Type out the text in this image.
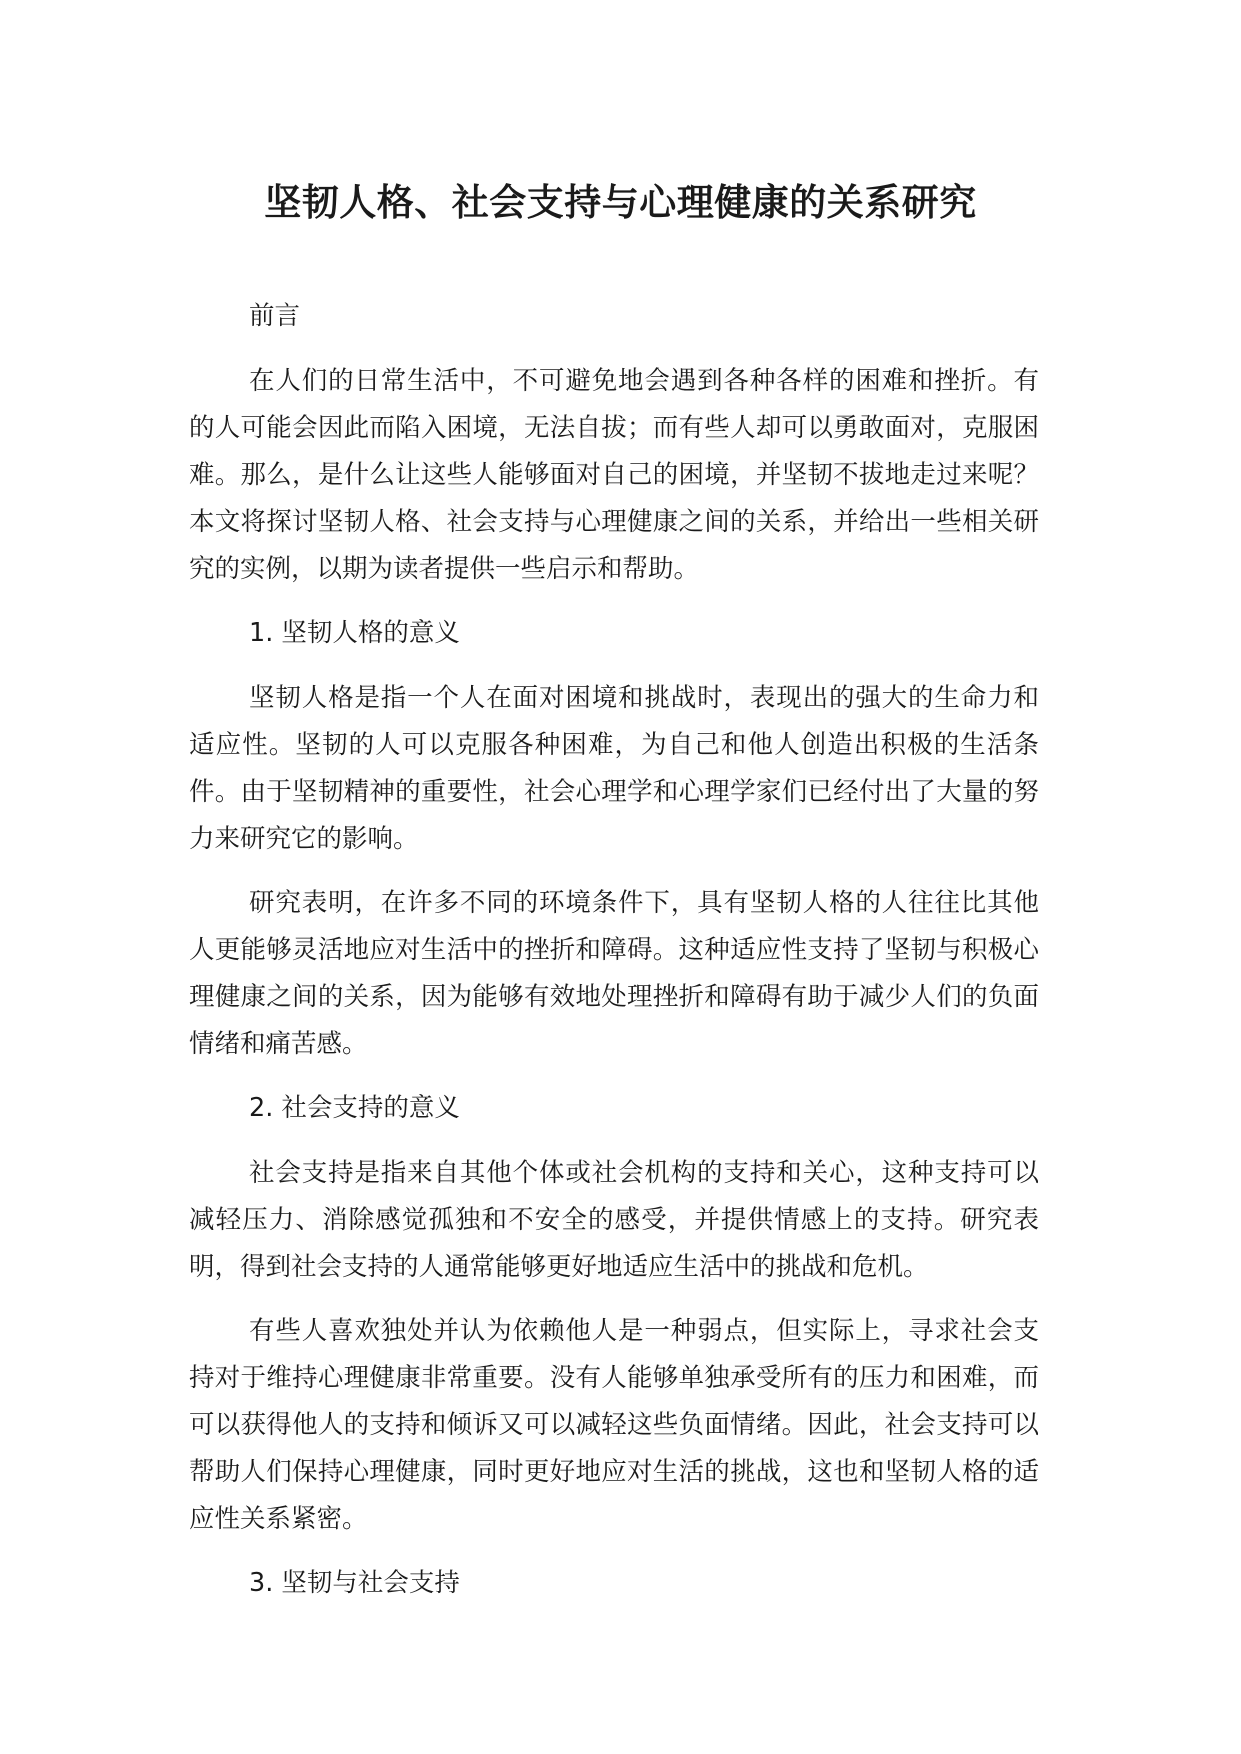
坚韧人格、社会支持与心理健康的关系研究

前言

在人们的日常生活中，不可避免地会遇到各种各样的困难和挫折。有的人可能会因此而陷入困境，无法自拔；而有些人却可以勇敢面对，克服困难。那么，是什么让这些人能够面对自己的困境，并坚韧不拔地走过来呢？本文将探讨坚韧人格、社会支持与心理健康之间的关系，并给出一些相关研究的实例，以期为读者提供一些启示和帮助。

1. 坚韧人格的意义

坚韧人格是指一个人在面对困境和挑战时，表现出的强大的生命力和适应性。坚韧的人可以克服各种困难，为自己和他人创造出积极的生活条件。由于坚韧精神的重要性，社会心理学和心理学家们已经付出了大量的努力来研究它的影响。

研究表明，在许多不同的环境条件下，具有坚韧人格的人往往比其他人更能够灵活地应对生活中的挫折和障碍。这种适应性支持了坚韧与积极心理健康之间的关系，因为能够有效地处理挫折和障碍有助于减少人们的负面情绪和痛苦感。

2. 社会支持的意义

社会支持是指来自其他个体或社会机构的支持和关心，这种支持可以减轻压力、消除感觉孤独和不安全的感受，并提供情感上的支持。研究表明，得到社会支持的人通常能够更好地适应生活中的挑战和危机。

有些人喜欢独处并认为依赖他人是一种弱点，但实际上，寻求社会支持对于维持心理健康非常重要。没有人能够单独承受所有的压力和困难，而可以获得他人的支持和倾诉又可以减轻这些负面情绪。因此，社会支持可以帮助人们保持心理健康，同时更好地应对生活的挑战，这也和坚韧人格的适应性关系紧密。

3. 坚韧与社会支持
